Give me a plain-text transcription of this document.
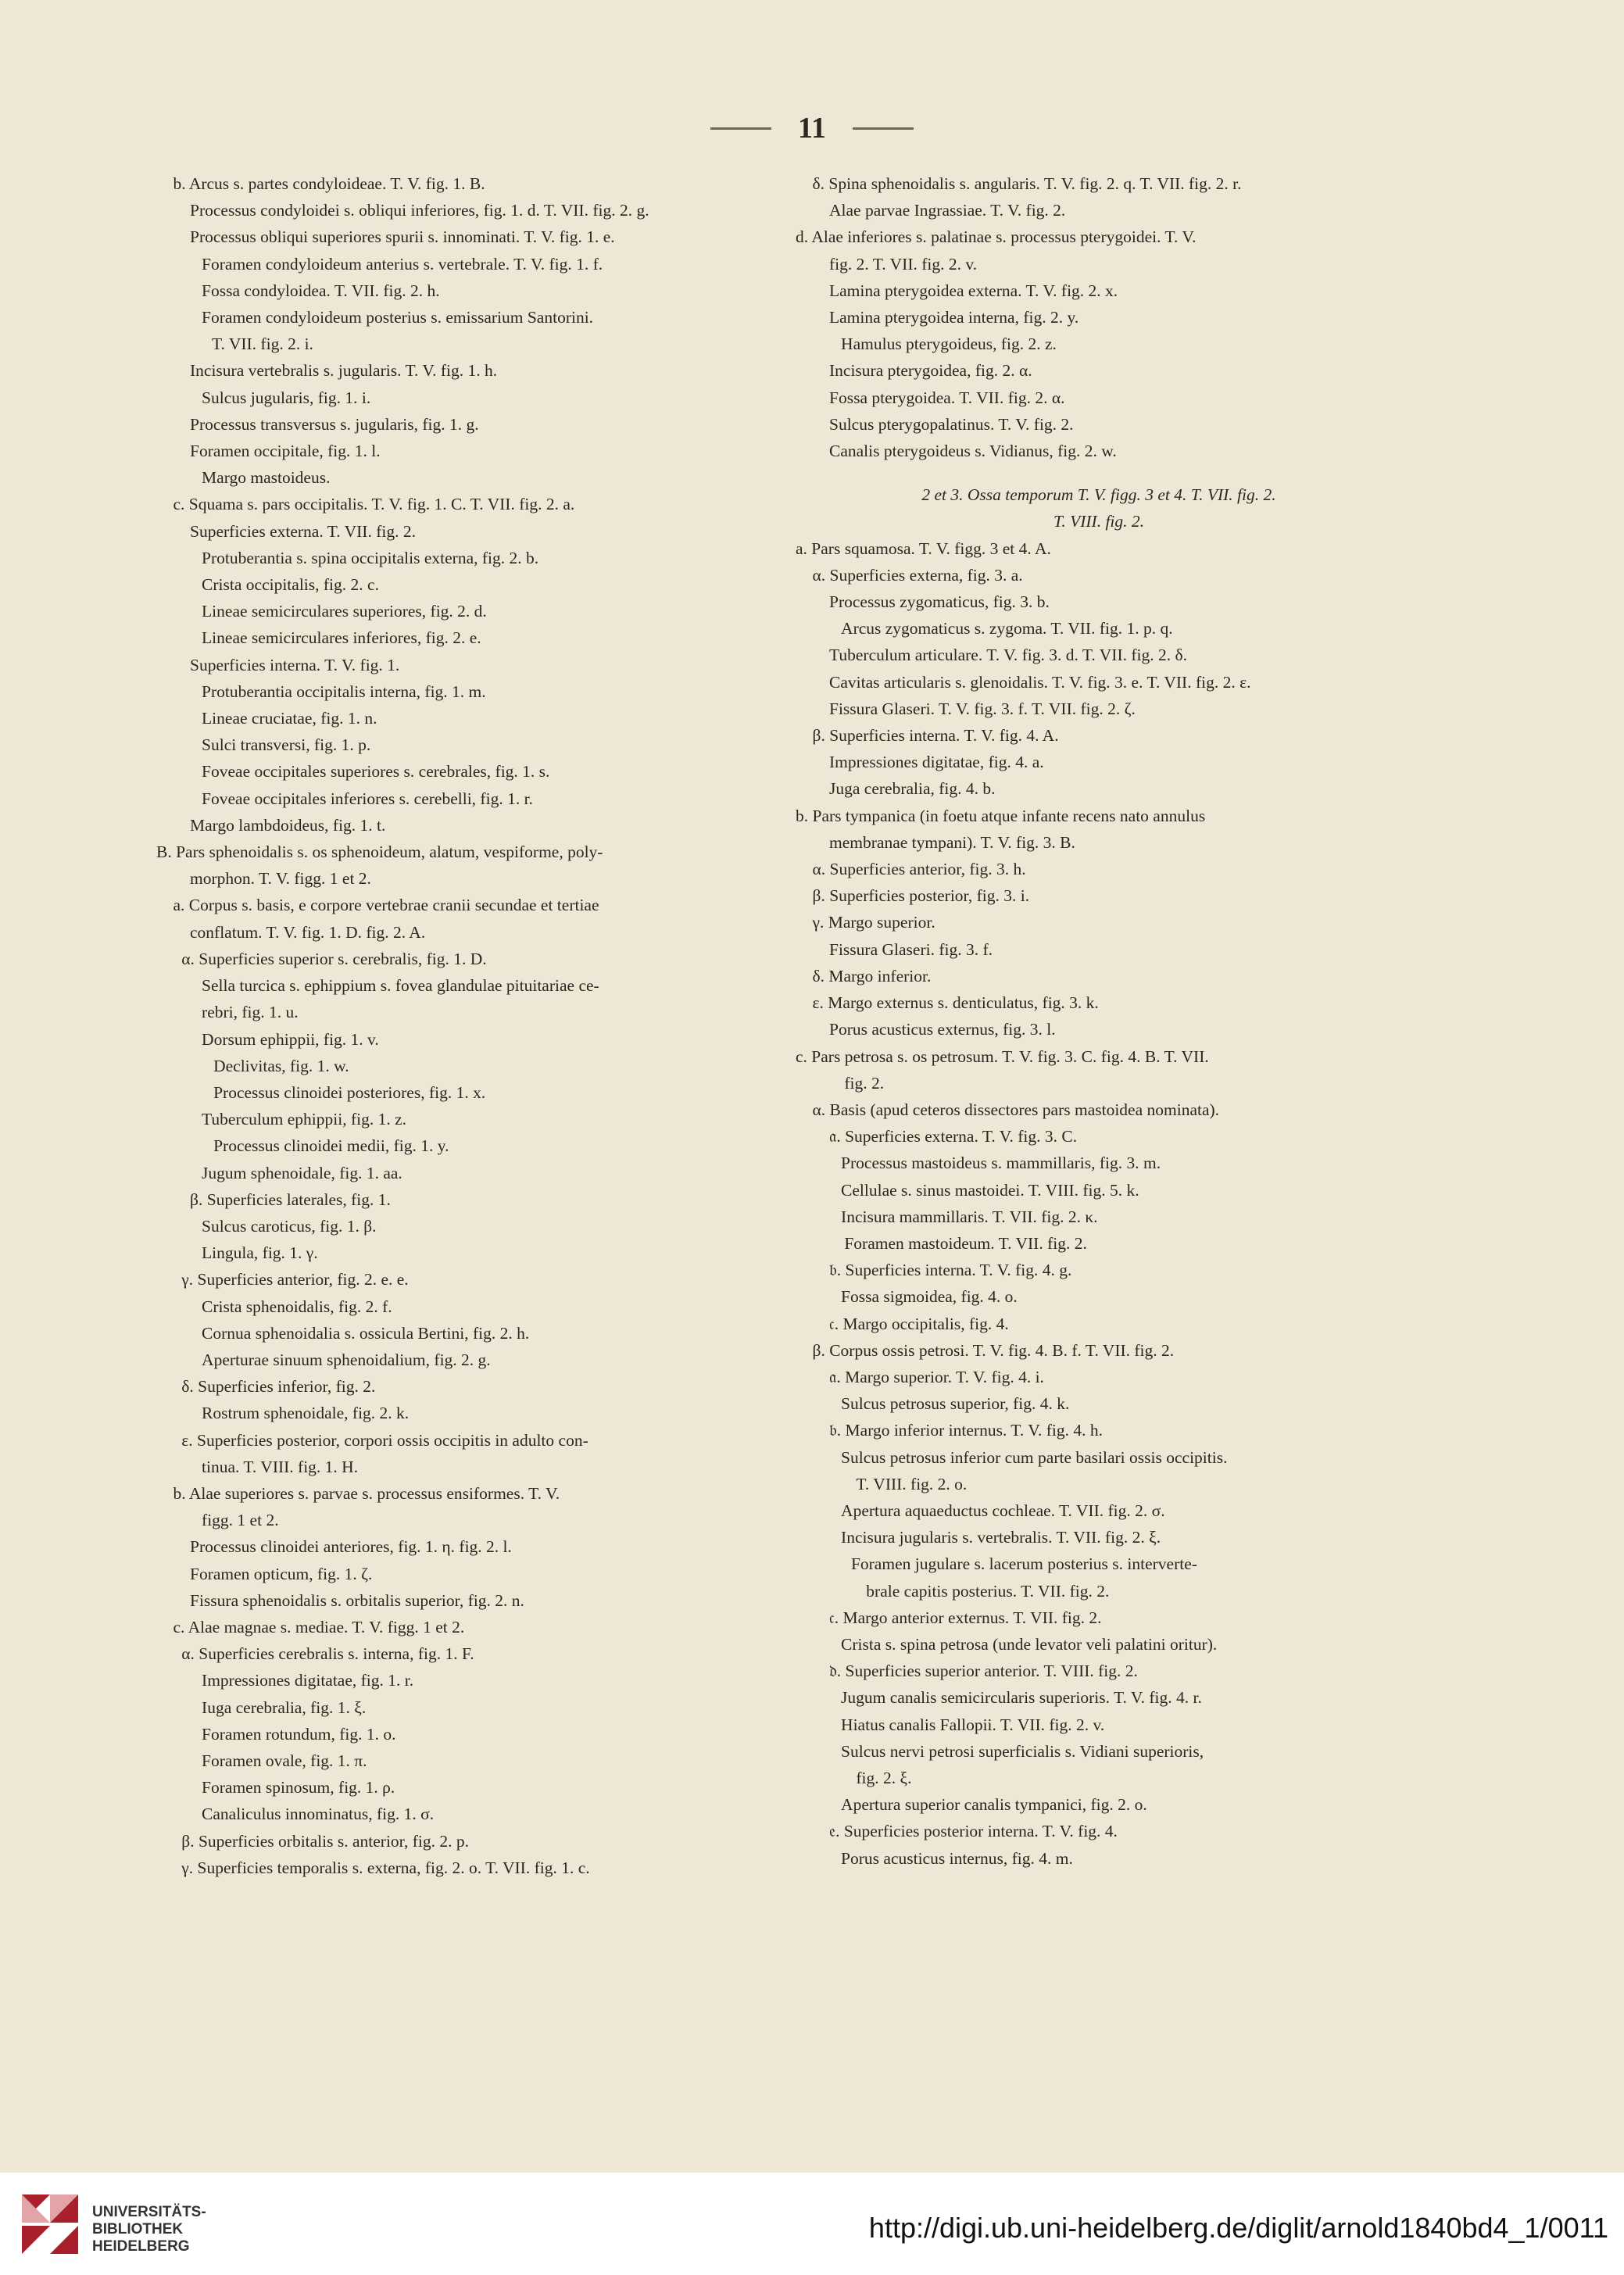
11
b. Arcus s. partes condyloideae. T. V. fig. 1. B.
Processus condyloidei s. obliqui inferiores, fig. 1. d. T. VII. fig. 2. g.
Processus obliqui superiores spurii s. innominati. T. V. fig. 1. e.
Foramen condyloideum anterius s. vertebrale. T. V. fig. 1. f.
Fossa condyloidea. T. VII. fig. 2. h.
Foramen condyloideum posterius s. emissarium Santorini.
T. VII. fig. 2. i.
Incisura vertebralis s. jugularis. T. V. fig. 1. h.
Sulcus jugularis, fig. 1. i.
Processus transversus s. jugularis, fig. 1. g.
Foramen occipitale, fig. 1. l.
Margo mastoideus.
c. Squama s. pars occipitalis. T. V. fig. 1. C. T. VII. fig. 2. a.
Superficies externa. T. VII. fig. 2.
Protuberantia s. spina occipitalis externa, fig. 2. b.
Crista occipitalis, fig. 2. c.
Lineae semicirculares superiores, fig. 2. d.
Lineae semicirculares inferiores, fig. 2. e.
Superficies interna. T. V. fig. 1.
Protuberantia occipitalis interna, fig. 1. m.
Lineae cruciatae, fig. 1. n.
Sulci transversi, fig. 1. p.
Foveae occipitales superiores s. cerebrales, fig. 1. s.
Foveae occipitales inferiores s. cerebelli, fig. 1. r.
Margo lambdoideus, fig. 1. t.
B. Pars sphenoidalis s. os sphenoideum, alatum, vespiforme, poly-
morphon. T. V. figg. 1 et 2.
a. Corpus s. basis, e corpore vertebrae cranii secundae et tertiae
conflatum. T. V. fig. 1. D. fig. 2. A.
α. Superficies superior s. cerebralis, fig. 1. D.
Sella turcica s. ephippium s. fovea glandulae pituitariae ce-
rebri, fig. 1. u.
Dorsum ephippii, fig. 1. v.
Declivitas, fig. 1. w.
Processus clinoidei posteriores, fig. 1. x.
Tuberculum ephippii, fig. 1. z.
Processus clinoidei medii, fig. 1. y.
Jugum sphenoidale, fig. 1. aa.
β. Superficies laterales, fig. 1.
Sulcus caroticus, fig. 1. β.
Lingula, fig. 1. γ.
γ. Superficies anterior, fig. 2. e. e.
Crista sphenoidalis, fig. 2. f.
Cornua sphenoidalia s. ossicula Bertini, fig. 2. h.
Aperturae sinuum sphenoidalium, fig. 2. g.
δ. Superficies inferior, fig. 2.
Rostrum sphenoidale, fig. 2. k.
ε. Superficies posterior, corpori ossis occipitis in adulto con-
tinua. T. VIII. fig. 1. H.
b. Alae superiores s. parvae s. processus ensiformes. T. V.
figg. 1 et 2.
Processus clinoidei anteriores, fig. 1. η. fig. 2. l.
Foramen opticum, fig. 1. ζ.
Fissura sphenoidalis s. orbitalis superior, fig. 2. n.
c. Alae magnae s. mediae. T. V. figg. 1 et 2.
α. Superficies cerebralis s. interna, fig. 1. F.
Impressiones digitatae, fig. 1. r.
Iuga cerebralia, fig. 1. ξ.
Foramen rotundum, fig. 1. ο.
Foramen ovale, fig. 1. π.
Foramen spinosum, fig. 1. ρ.
Canaliculus innominatus, fig. 1. σ.
β. Superficies orbitalis s. anterior, fig. 2. p.
γ. Superficies temporalis s. externa, fig. 2. o. T. VII. fig. 1. c.
δ. Spina sphenoidalis s. angularis. T. V. fig. 2. q. T. VII. fig. 2. r.
Alae parvae Ingrassiae. T. V. fig. 2.
d. Alae inferiores s. palatinae s. processus pterygoidei. T. V.
fig. 2. T. VII. fig. 2. v.
Lamina pterygoidea externa. T. V. fig. 2. x.
Lamina pterygoidea interna, fig. 2. y.
Hamulus pterygoideus, fig. 2. z.
Incisura pterygoidea, fig. 2. α.
Fossa pterygoidea. T. VII. fig. 2. α.
Sulcus pterygopalatinus. T. V. fig. 2.
Canalis pterygoideus s. Vidianus, fig. 2. w.
2 et 3. Ossa temporum T. V. figg. 3 et 4. T. VII. fig. 2.
T. VIII. fig. 2.
a. Pars squamosa. T. V. figg. 3 et 4. A.
α. Superficies externa, fig. 3. a.
Processus zygomaticus, fig. 3. b.
Arcus zygomaticus s. zygoma. T. VII. fig. 1. p. q.
Tuberculum articulare. T. V. fig. 3. d. T. VII. fig. 2. δ.
Cavitas articularis s. glenoidalis. T. V. fig. 3. e. T. VII. fig. 2. ε.
Fissura Glaseri. T. V. fig. 3. f. T. VII. fig. 2. ζ.
β. Superficies interna. T. V. fig. 4. A.
Impressiones digitatae, fig. 4. a.
Juga cerebralia, fig. 4. b.
b. Pars tympanica (in foetu atque infante recens nato annulus
membranae tympani). T. V. fig. 3. B.
α. Superficies anterior, fig. 3. h.
β. Superficies posterior, fig. 3. i.
γ. Margo superior.
Fissura Glaseri. fig. 3. f.
δ. Margo inferior.
ε. Margo externus s. denticulatus, fig. 3. k.
Porus acusticus externus, fig. 3. l.
c. Pars petrosa s. os petrosum. T. V. fig. 3. C. fig. 4. B. T. VII.
fig. 2.
α. Basis (apud ceteros dissectores pars mastoidea nominata).
𝔞. Superficies externa. T. V. fig. 3. C.
Processus mastoideus s. mammillaris, fig. 3. m.
Cellulae s. sinus mastoidei. T. VIII. fig. 5. k.
Incisura mammillaris. T. VII. fig. 2. κ.
Foramen mastoideum. T. VII. fig. 2.
𝔟. Superficies interna. T. V. fig. 4. g.
Fossa sigmoidea, fig. 4. o.
𝔠. Margo occipitalis, fig. 4.
β. Corpus ossis petrosi. T. V. fig. 4. B. f. T. VII. fig. 2.
𝔞. Margo superior. T. V. fig. 4. i.
Sulcus petrosus superior, fig. 4. k.
𝔟. Margo inferior internus. T. V. fig. 4. h.
Sulcus petrosus inferior cum parte basilari ossis occipitis.
T. VIII. fig. 2. o.
Apertura aquaeductus cochleae. T. VII. fig. 2. σ.
Incisura jugularis s. vertebralis. T. VII. fig. 2. ξ.
Foramen jugulare s. lacerum posterius s. interverte-
brale capitis posterius. T. VII. fig. 2.
𝔠. Margo anterior externus. T. VII. fig. 2.
Crista s. spina petrosa (unde levator veli palatini oritur).
𝔡. Superficies superior anterior. T. VIII. fig. 2.
Jugum canalis semicircularis superioris. T. V. fig. 4. r.
Hiatus canalis Fallopii. T. VII. fig. 2. v.
Sulcus nervi petrosi superficialis s. Vidiani superioris,
fig. 2. ξ.
Apertura superior canalis tympanici, fig. 2. o.
𝔢. Superficies posterior interna. T. V. fig. 4.
Porus acusticus internus, fig. 4. m.
UNIVERSITÄTS-
BIBLIOTHEK
HEIDELBERG
http://digi.ub.uni-heidelberg.de/diglit/arnold1840bd4_1/0011
